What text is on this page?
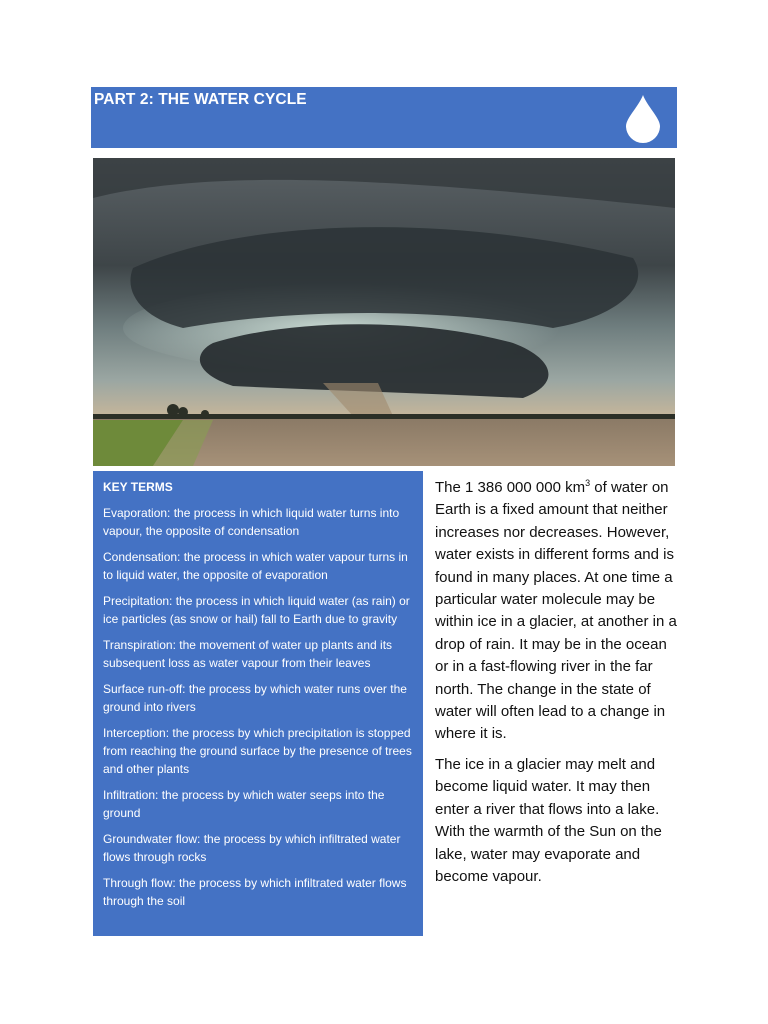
PART 2: THE WATER CYCLE
KEY TERMS
Evaporation: the process in which liquid water turns into vapour, the opposite of condensation
Condensation: the process in which water vapour turns in to liquid water, the opposite of evaporation
Precipitation: the process in which liquid water (as rain) or ice particles (as snow or hail) fall to Earth due to gravity
Transpiration: the movement of water up plants and its subsequent loss as water vapour from their leaves
Surface run-off: the process by which water runs over the ground into rivers
Interception: the process by which precipitation is stopped from reaching the ground surface by the presence of trees and other plants
Infiltration: the process by which water seeps into the ground
Groundwater flow: the process by which infiltrated water flows through rocks
Through flow: the process by which infiltrated water flows through the soil

The 1 386 000 000 $km^3$ of water on Earth is a fixed amount that neither increases nor decreases. However, water exists in different forms and is found in many places. At one time a particular water molecule may be within ice in a glacier, at another in a drop of rain. It may be in the ocean or in a fast-flowing river in the far north. The change in the state of water will often lead to a change in where it is.

The ice in a glacier may melt and become liquid water. It may then enter a river that flows into a lake. With the warmth of the Sun on the lake, water may evaporate and become vapour.
